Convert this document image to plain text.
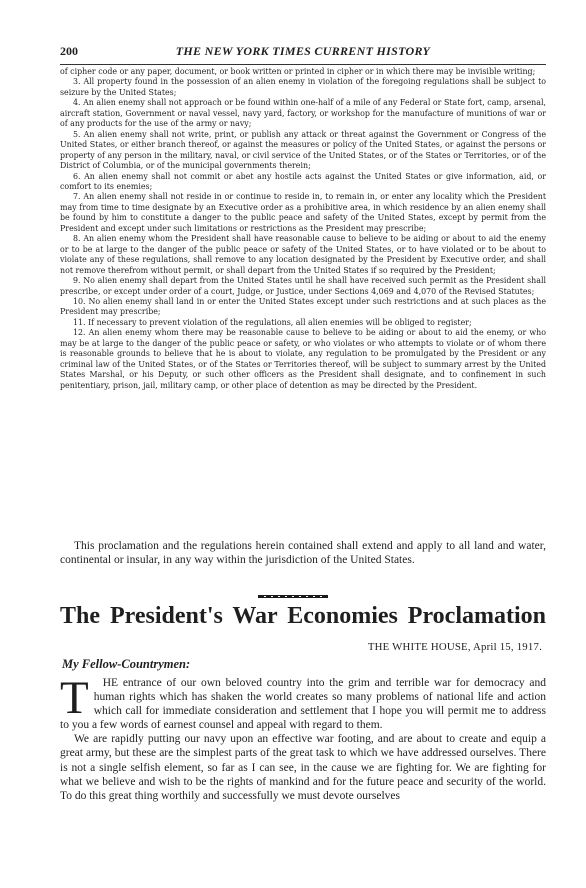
200	THE NEW YORK TIMES CURRENT HISTORY

of cipher code or any paper, document, or book written or printed in cipher or in which there may be invisible writing;

3. All property found in the possession of an alien enemy in violation of the foregoing regulations shall be subject to seizure by the United States;

4. An alien enemy shall not approach or be found within one-half of a mile of any Federal or State fort, camp, arsenal, aircraft station, Government or naval vessel, navy yard, factory, or workshop for the manufacture of munitions of war or of any products for the use of the army or navy;

5. An alien enemy shall not write, print, or publish any attack or threat against the Government or Congress of the United States, or either branch thereof, or against the measures or policy of the United States, or against the persons or property of any person in the military, naval, or civil service of the United States, or of the States or Territories, or of the District of Columbia, or of the municipal governments therein;

6. An alien enemy shall not commit or abet any hostile acts against the United States or give information, aid, or comfort to its enemies;

7. An alien enemy shall not reside in or continue to reside in, to remain in, or enter any locality which the President may from time to time designate by an Executive order as a prohibitive area, in which residence by an alien enemy shall be found by him to constitute a danger to the public peace and safety of the United States, except by permit from the President and except under such limitations or restrictions as the President may prescribe;

8. An alien enemy whom the President shall have reasonable cause to believe to be aiding or about to aid the enemy or to be at large to the danger of the public peace or safety of the United States, or to have violated or to be about to violate any of these regulations, shall remove to any location designated by the President by Executive order, and shall not remove therefrom without permit, or shall depart from the United States if so required by the President;

9. No alien enemy shall depart from the United States until he shall have received such permit as the President shall prescribe, or except under order of a court, Judge, or Justice, under Sections 4,069 and 4,070 of the Revised Statutes;

10. No alien enemy shall land in or enter the United States except under such restrictions and at such places as the President may prescribe;

11. If necessary to prevent violation of the regulations, all alien enemies will be obliged to register;

12. An alien enemy whom there may be reasonable cause to believe to be aiding or about to aid the enemy, or who may be at large to the danger of the public peace or safety, or who violates or who attempts to violate or of whom there is reasonable grounds to believe that he is about to violate, any regulation to be promulgated by the President or any criminal law of the United States, or of the States or Territories thereof, will be subject to summary arrest by the United States Marshal, or his Deputy, or such other officers as the President shall designate, and to confinement in such penitentiary, prison, jail, military camp, or other place of detention as may be directed by the President.

This proclamation and the regulations herein contained shall extend and apply to all land and water, continental or insular, in any way within the jurisdiction of the United States.

The President's War Economies Proclamation
THE WHITE HOUSE, April 15, 1917.
My Fellow-Countrymen:

T HE entrance of our own beloved country into the grim and terrible war for democracy and human rights which has shaken the world creates so many problems of national life and action which call for immediate consideration and settlement that I hope you will permit me to address to you a few words of earnest counsel and appeal with regard to them.

We are rapidly putting our navy upon an effective war footing, and are about to create and equip a great army, but these are the simplest parts of the great task to which we have addressed ourselves. There is not a single selfish element, so far as I can see, in the cause we are fighting for. We are fighting for what we believe and wish to be the rights of mankind and for the future peace and security of the world. To do this great thing worthily and successfully we must devote ourselves
